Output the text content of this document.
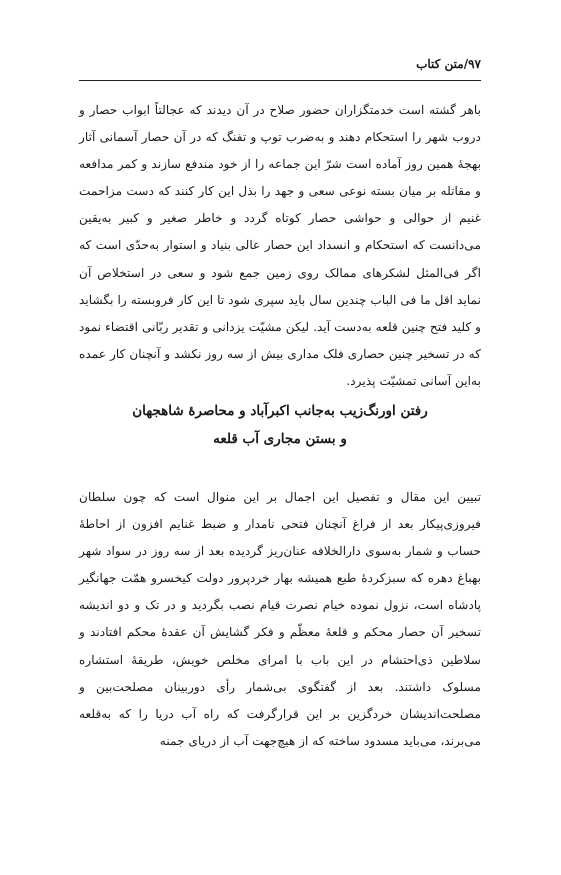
۹۷/متن کتاب

باهر گشته است خدمتگزاران حضور صلاح در آن دیدند که عجالتاً ابواب حصار و دروب شهر را استحکام دهند و به‌ضرب توپ و تفنگ که در آن حصار آسمانی آثار بهجهٔ همین روز آماده است شرّ این جماعه را از خود مندفع سازند و کمر مدافعه و مقاتله بر میان بسته نوعی سعی و جهد را بذل این کار کنند که دست مزاحمت غنیم از حوالی و حواشی حصار کوتاه گردد و خاطر صغیر و کبیر به‌یقین می‌دانست که استحکام و انسداد این حصار عالی بنیاد و استوار به‌حدّی است که اگر فی‌المثل لشکرهای ممالک روی زمین جمع شود و سعی در استخلاص آن نماید اقل ما فی الباب چندین سال باید سپری شود تا این کار فروبسته را بگشاید و کلید فتح چنین قلعه به‌دست آید. لیکن مشیّت یزدانی و تقدیر ربّانی اقتضاء نمود که در تسخیر چنین حصاری فلک مداری بیش از سه روز نکشد و آنچنان کار عمده به‌این آسانی تمشیّت پذیرد.

رفتن اورنگ‌زیب به‌جانب اکبرآباد و محاصرهٔ شاهجهان
و بستن مجاری آب قلعه

تبیین این مقال و تفصیل این اجمال بر این منوال است که چون سلطان فیروزی‌پیکار بعد از فراغ آنچنان فتحی نامدار و ضبط غنایم افزون از احاطهٔ حساب و شمار به‌سوی دارالخلافه عنان‌ریز گردیده بعد از سه روز در سواد شهر بهباغ دهره که سبزکردهٔ طبع همیشه بهار خردپرور دولت کیخسرو همّت جهانگیر پادشاه است، نزول نموده خیام نصرت قیام نصب بگردید و در تک و دو اندیشه تسخیر آن حصار محکم و قلعهٔ معظّم و فکر گشایش آن عقدهٔ محکم افتادند و سلاطین ذی‌احتشام در این باب با امرای مخلص خویش، طریقهٔ استشاره مسلوک داشتند. بعد از گفتگوی بی‌شمار رأی دوربینان مصلحت‌بین و مصلحت‌اندیشان خردگزین بر این قرارگرفت که راه آب دریا را که به‌قلعه می‌برند، می‌باید مسدود ساخته که از هیچ‌جهت آب از دریای جمنه
